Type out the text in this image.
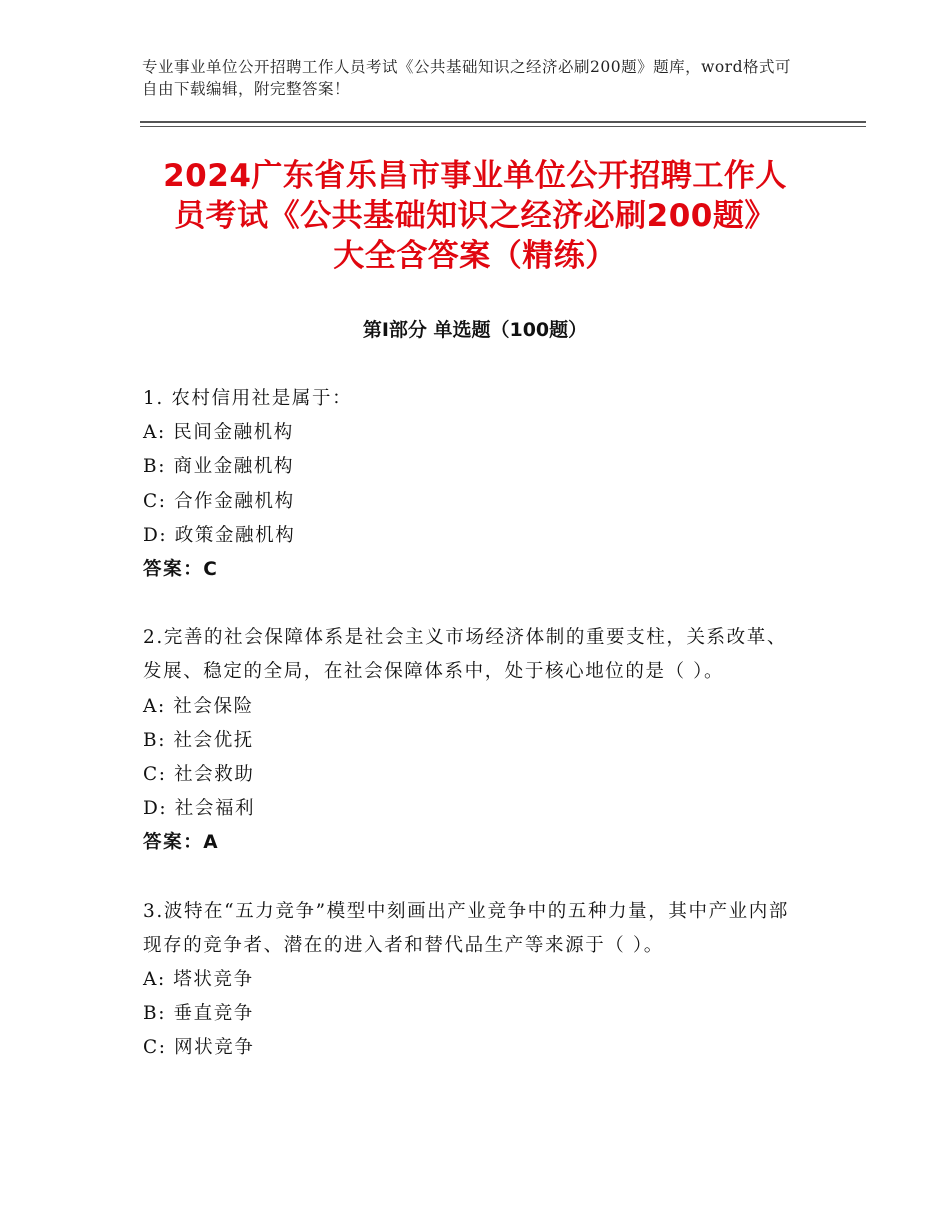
专业事业单位公开招聘工作人员考试《公共基础知识之经济必刷200题》题库，word格式可自由下载编辑，附完整答案！
2024广东省乐昌市事业单位公开招聘工作人
员考试《公共基础知识之经济必刷200题》
大全含答案（精练）
第Ⅰ部分 单选题（100题）

1. 农村信用社是属于：

A: 民间金融机构

B: 商业金融机构

C: 合作金融机构

D: 政策金融机构

答案：C

2.完善的社会保障体系是社会主义市场经济体制的重要支柱，关系改革、发展、稳定的全局，在社会保障体系中，处于核心地位的是（ ）。

A: 社会保险

B: 社会优抚

C: 社会救助

D: 社会福利

答案：A

3.波特在“五力竞争”模型中刻画出产业竞争中的五种力量，其中产业内部现存的竞争者、潜在的进入者和替代品生产等来源于（ ）。

A: 塔状竞争

B: 垂直竞争

C: 网状竞争
